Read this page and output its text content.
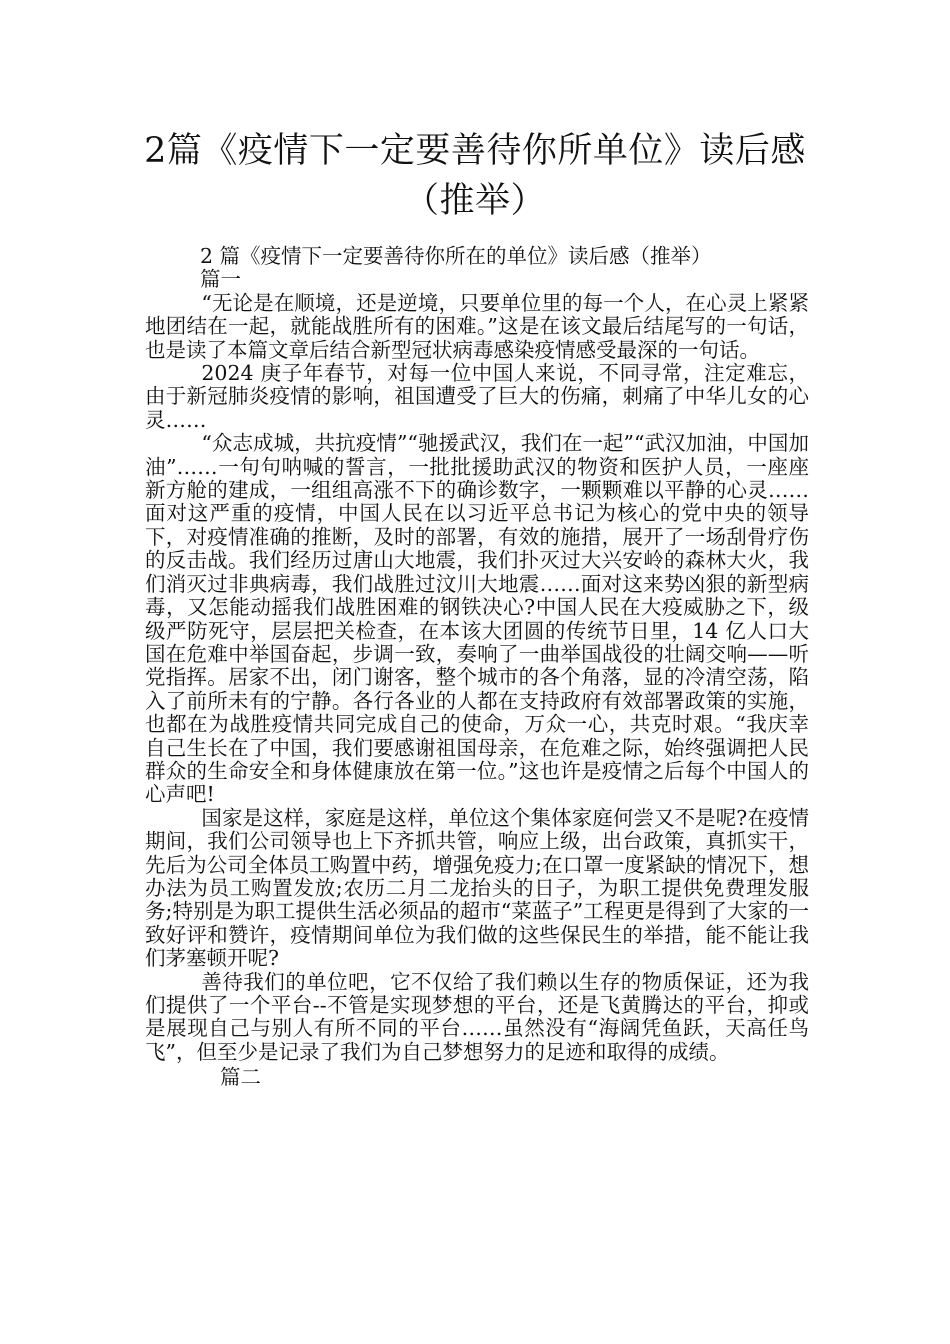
2篇《疫情下一定要善待你所单位》读后感
（推举）
2 篇《疫情下一定要善待你所在的单位》读后感（推举）
篇一

“无论是在顺境，还是逆境，只要单位里的每一个人，在心灵上紧紧地团结在一起，就能战胜所有的困难。”这是在该文最后结尾写的一句话，也是读了本篇文章后结合新型冠状病毒感染疫情感受最深的一句话。

2024 庚子年春节，对每一位中国人来说，不同寻常，注定难忘，由于新冠肺炎疫情的影响，祖国遭受了巨大的伤痛，刺痛了中华儿女的心灵……

“众志成城，共抗疫情”“驰援武汉，我们在一起”“武汉加油，中国加油”……一句句呐喊的誓言，一批批援助武汉的物资和医护人员，一座座新方舱的建成，一组组高涨不下的确诊数字，一颗颗难以平静的心灵……面对这严重的疫情，中国人民在以习近平总书记为核心的党中央的领导下，对疫情准确的推断，及时的部署，有效的施措，展开了一场刮骨疗伤的反击战。我们经历过唐山大地震，我们扑灭过大兴安岭的森林大火，我们消灭过非典病毒，我们战胜过汶川大地震……面对这来势凶狠的新型病毒，又怎能动摇我们战胜困难的钢铁决心?中国人民在大疫威胁之下，级级严防死守，层层把关检查，在本该大团圆的传统节日里，14 亿人口大国在危难中举国奋起，步调一致，奏响了一曲举国战役的壮阔交响——听党指挥。居家不出，闭门谢客，整个城市的各个角落，显的冷清空荡，陷入了前所未有的宁静。各行各业的人都在支持政府有效部署政策的实施，也都在为战胜疫情共同完成自己的使命，万众一心，共克时艰。“我庆幸自己生长在了中国，我们要感谢祖国母亲，在危难之际，始终强调把人民群众的生命安全和身体健康放在第一位。”这也许是疫情之后每个中国人的心声吧!

国家是这样，家庭是这样，单位这个集体家庭何尝又不是呢?在疫情期间，我们公司领导也上下齐抓共管，响应上级，出台政策，真抓实干，先后为公司全体员工购置中药，增强免疫力;在口罩一度紧缺的情况下，想办法为员工购置发放;农历二月二龙抬头的日子，为职工提供免费理发服务;特别是为职工提供生活必须品的超市“菜蓝子”工程更是得到了大家的一致好评和赞许，疫情期间单位为我们做的这些保民生的举措，能不能让我们茅塞顿开呢?

善待我们的单位吧，它不仅给了我们赖以生存的物质保证，还为我们提供了一个平台--不管是实现梦想的平台，还是飞黄腾达的平台，抑或是展现自己与别人有所不同的平台……虽然没有“海阔凭鱼跃，天高任鸟飞”，但至少是记录了我们为自己梦想努力的足迹和取得的成绩。

篇二
